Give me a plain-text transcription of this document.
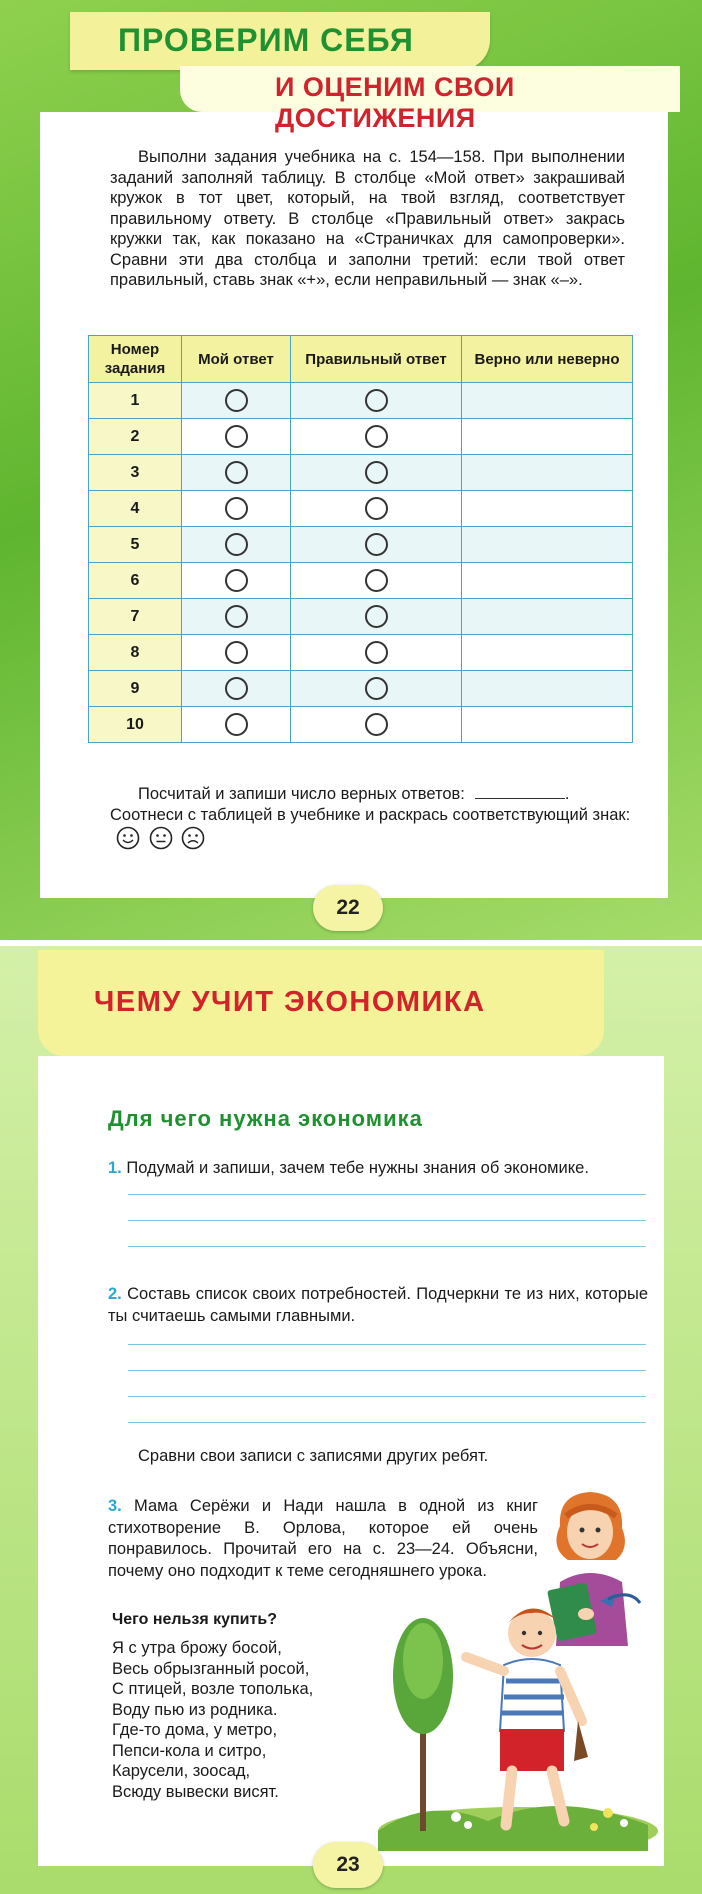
Выполни задания учебника на с. 154—158. При выполнении заданий заполняй таблицу. В столбце «Мой ответ» закрашивай кружок в тот цвет, который, на твой взгляд, соответствует правильному ответу. В столбце «Правильный ответ» закрась кружки так, как показано на «Страничках для самопроверки». Сравни эти два столбца и заполни третий: если твой ответ правильный, ставь знак «+», если неправильный — знак «–».

Номер задания	Мой ответ	Правильный ответ	Верно или неверно
1			
2			
3			
4			
5			
6			
7			
8			
9			
10			

Посчитай и запиши число верных ответов:	.

Соотнеси с таблицей в учебнике и раскрась соответствующий знак:
ПРОВЕРИМ СЕБЯ
И ОЦЕНИМ СВОИ ДОСТИЖЕНИЯ
22
ЧЕМУ УЧИТ ЭКОНОМИКА
Для чего нужна экономика
1. Подумай и запиши, зачем тебе нужны знания об экономике.
2. Составь список своих потребностей. Подчеркни те из них, которые ты считаешь самыми главными.
Сравни свои записи с записями других ребят.
3. Мама Серёжи и Нади нашла в одной из книг стихотворение В. Орлова, которое ей очень понравилось. Прочитай его на с. 23—24. Объясни, почему оно подходит к теме сегодняшнего урока.
Чего нельзя купить?
Я с утра брожу босой,
Весь обрызганный росой,
С птицей, возле тополька,
Воду пью из родника.
Где-то дома, у метро,
Пепси-кола и ситро,
Карусели, зоосад,
Всюду вывески висят.
23
